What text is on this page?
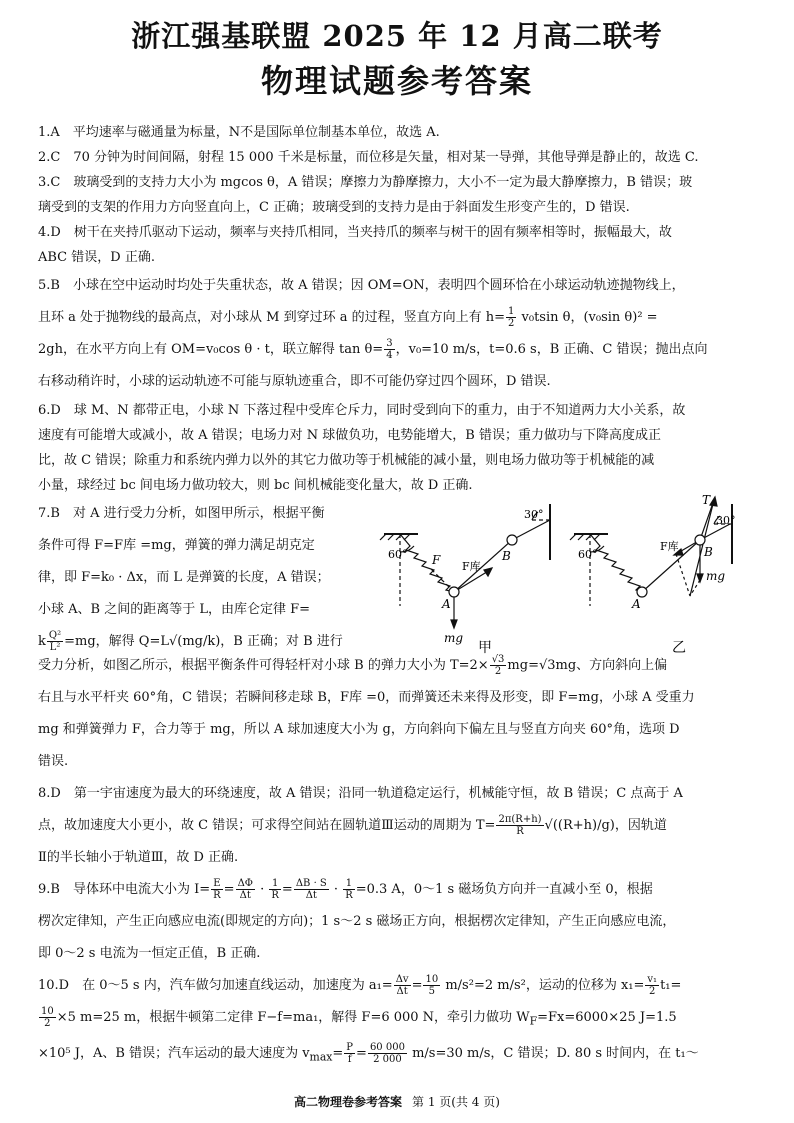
浙江强基联盟 2025 年 12 月高二联考
物理试题参考答案

1.A　平均速率与磁通量为标量，N不是国际单位制基本单位，故选 A.

2.C　70 分钟为时间间隔，射程 15 000 千米是标量，而位移是矢量，相对某一导弹，其他导弹是静止的，故选 C.

3.C　玻璃受到的支持力大小为 mgcos θ，A 错误；摩擦力为静摩擦力，大小不一定为最大静摩擦力，B 错误；玻
璃受到的支架的作用力方向竖直向上，C 正确；玻璃受到的支持力是由于斜面发生形变产生的，D 错误.

4.D　树干在夹持爪驱动下运动，频率与夹持爪相同，当夹持爪的频率与树干的固有频率相等时，振幅最大，故
ABC 错误，D 正确.

5.B　小球在空中运动时均处于失重状态，故 A 错误；因 OM=ON，表明四个圆环恰在小球运动轨迹抛物线上，
且环 a 处于抛物线的最高点，对小球从 M 到穿过环 a 的过程，竖直方向上有 $h= \frac{1}{2} v_0tsin$ θ，(v₀sin θ)² =
2gh，在水平方向上有 OM=v₀cos θ · t，联立解得 $\tan \theta= \frac{3}{4}$ ，v₀=10 m/s，t=0.6 s，B 正确、C 错误；抛出点向
右移动稍许时，小球的运动轨迹不可能与原轨迹重合，即不可能仍穿过四个圆环，D 错误.

6.D　球 M、N 都带正电，小球 N 下落过程中受库仑斥力，同时受到向下的重力，由于不知道两力大小关系，故
速度有可能增大或减小，故 A 错误；电场力对 N 球做负功，电势能增大，B 错误；重力做功与下降高度成正
比，故 C 错误；除重力和系统内弹力以外的其它力做功等于机械能的减小量，则电场力做功等于机械能的减
小量，球经过 bc 间电场力做功较大，则 bc 间机械能变化量大，故 D 正确.

7.B　对 A 进行受力分析，如图甲所示，根据平衡
条件可得 F=F库 =mg，弹簧的弹力满足胡克定
律，即 F=k₀ · Δx，而 L 是弹簧的长度，A 错误；
小球 A、B 之间的距离等于 L，由库仑定律 F=
k $\frac{\text{Q²}}{\text{L²}} =mg$，解得 Q=L√(mg/k)，B 正确；对 B 进行
60° F F库
A
B
mg
30°
甲
60°
F库
A
B
mg
T
30°
乙

受力分析，如图乙所示，根据平衡条件可得轻杆对小球 B 的弹力大小为 $T=2\times \frac{√3}{2} mg=√3mg$、方向斜向上偏
右且与水平杆夹 60°角，C 错误；若瞬间移走球 B，F库 =0，而弹簧还未来得及形变，即 F=mg，小球 A 受重力
mg 和弹簧弹力 F，合力等于 mg，所以 A 球加速度大小为 g，方向斜向下偏左且与竖直方向夹 60°角，选项 D
错误.

8.D　第一宇宙速度为最大的环绕速度，故 A 错误；沿同一轨道稳定运行，机械能守恒，故 B 错误；C 点高于 A
点，故加速度大小更小，故 C 错误；可求得空间站在圆轨道Ⅲ运动的周期为 $T= \frac{2\pi(R+h)}{R} √((R+h)/g)$，因轨道
Ⅱ的半长轴小于轨道Ⅲ，故 D 正确.

9.B　导体环中电流大小为 $I= \frac{E}{R} = \frac{\Delta\Phi}{\Delta t} \cdot \frac{1}{R} = \frac{\Delta B \cdot S}{\Delta t} \cdot \frac{1}{R} =0.3$ A，0～1 s 磁场负方向并一直减小至 0，根据
楞次定律知，产生正向感应电流(即规定的方向)；1 s～2 s 磁场正方向，根据楞次定律知，产生正向感应电流，
即 0～2 s 电流为一恒定正值，B 正确.

10.D　在 0～5 s 内，汽车做匀加速直线运动，加速度为 $a_1= \frac{\Delta v}{\Delta t} = \frac{10}{5} m/s^2=2$ m/s²，运动的位移为 $x_1= \frac{\text{v₁}}{2} t_1=$

$\frac{10}{2} \times 5$ m=25 m，根据牛顿第二定律 F−f=ma₁，解得 F=6 000 N，牵引力做功 $W_F=Fx=6000\times 25$ J=1.5
×10⁵ J，A、B 错误；汽车运动的最大速度为 $v_{max}= \frac{P}{f} = \frac{60 000}{2 000} m/s=30$ m/s，C 错误；D. 80 s 时间内，在 t₁～

高二物理卷参考答案 第 1 页(共 4 页)
